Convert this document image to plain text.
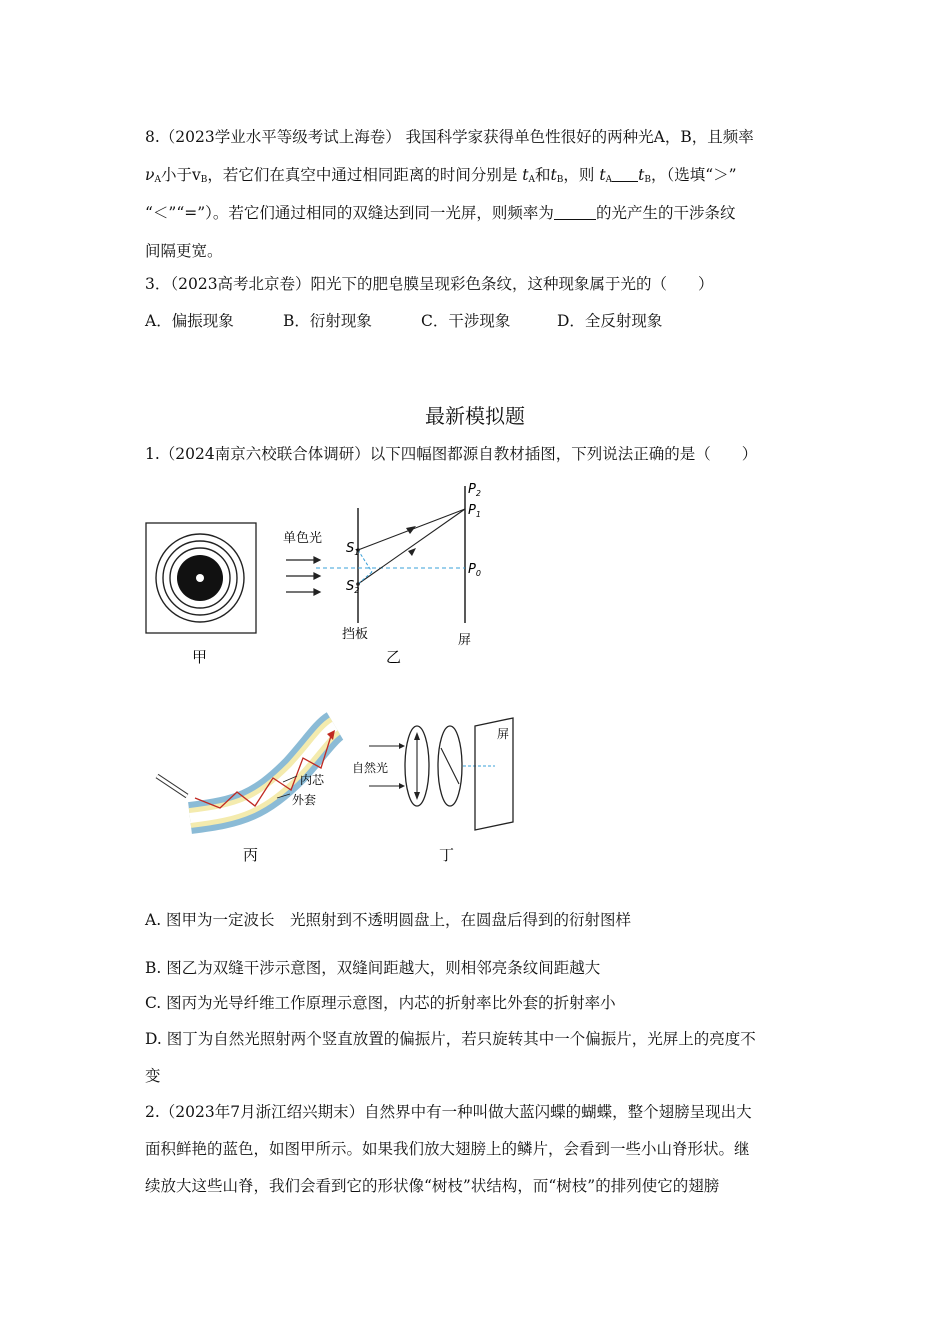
8.（2023学业水平等级考试上海卷） 我国科学家获得单色性很好的两种光A，B，且频率
$\nu_A$小于$v_B$，若它们在真空中通过相同距离的时间分别是 $t_A$和$t_B$，则 $t_A$ $t_B$，（选填“＞”
“＜”“=”）。若它们通过相同的双缝达到同一光屏，则频率为	的光产生的干涉条纹
间隔更宽。
3．（2023高考北京卷）阳光下的肥皂膜呈现彩色条纹，这种现象属于光的（　　）
A．偏振现象	B．衍射现象	C．干涉现象	D．全反射现象
最新模拟题
1.（2024南京六校联合体调研）以下四幅图都源自教材插图，下列说法正确的是（　　）
甲
单色光
$S_1$
$S_2$
$P_2$
$P_1$
$P_0$
挡板	屏
乙
内芯
外套
丙
自然光
屏
丁
A. 图甲为一定波长　光照射到不透明圆盘上，在圆盘后得到的衍射图样
B. 图乙为双缝干涉示意图，双缝间距越大，则相邻亮条纹间距越大
C. 图丙为光导纤维工作原理示意图，内芯的折射率比外套的折射率小
D. 图丁为自然光照射两个竖直放置的偏振片，若只旋转其中一个偏振片，光屏上的亮度不
变
2.（2023年7月浙江绍兴期末）自然界中有一种叫做大蓝闪蝶的蝴蝶，整个翅膀呈现出大
面积鲜艳的蓝色，如图甲所示。如果我们放大翅膀上的鳞片，会看到一些小山脊形状。继
续放大这些山脊，我们会看到它的形状像“树枝”状结构，而“树枝”的排列使它的翅膀
